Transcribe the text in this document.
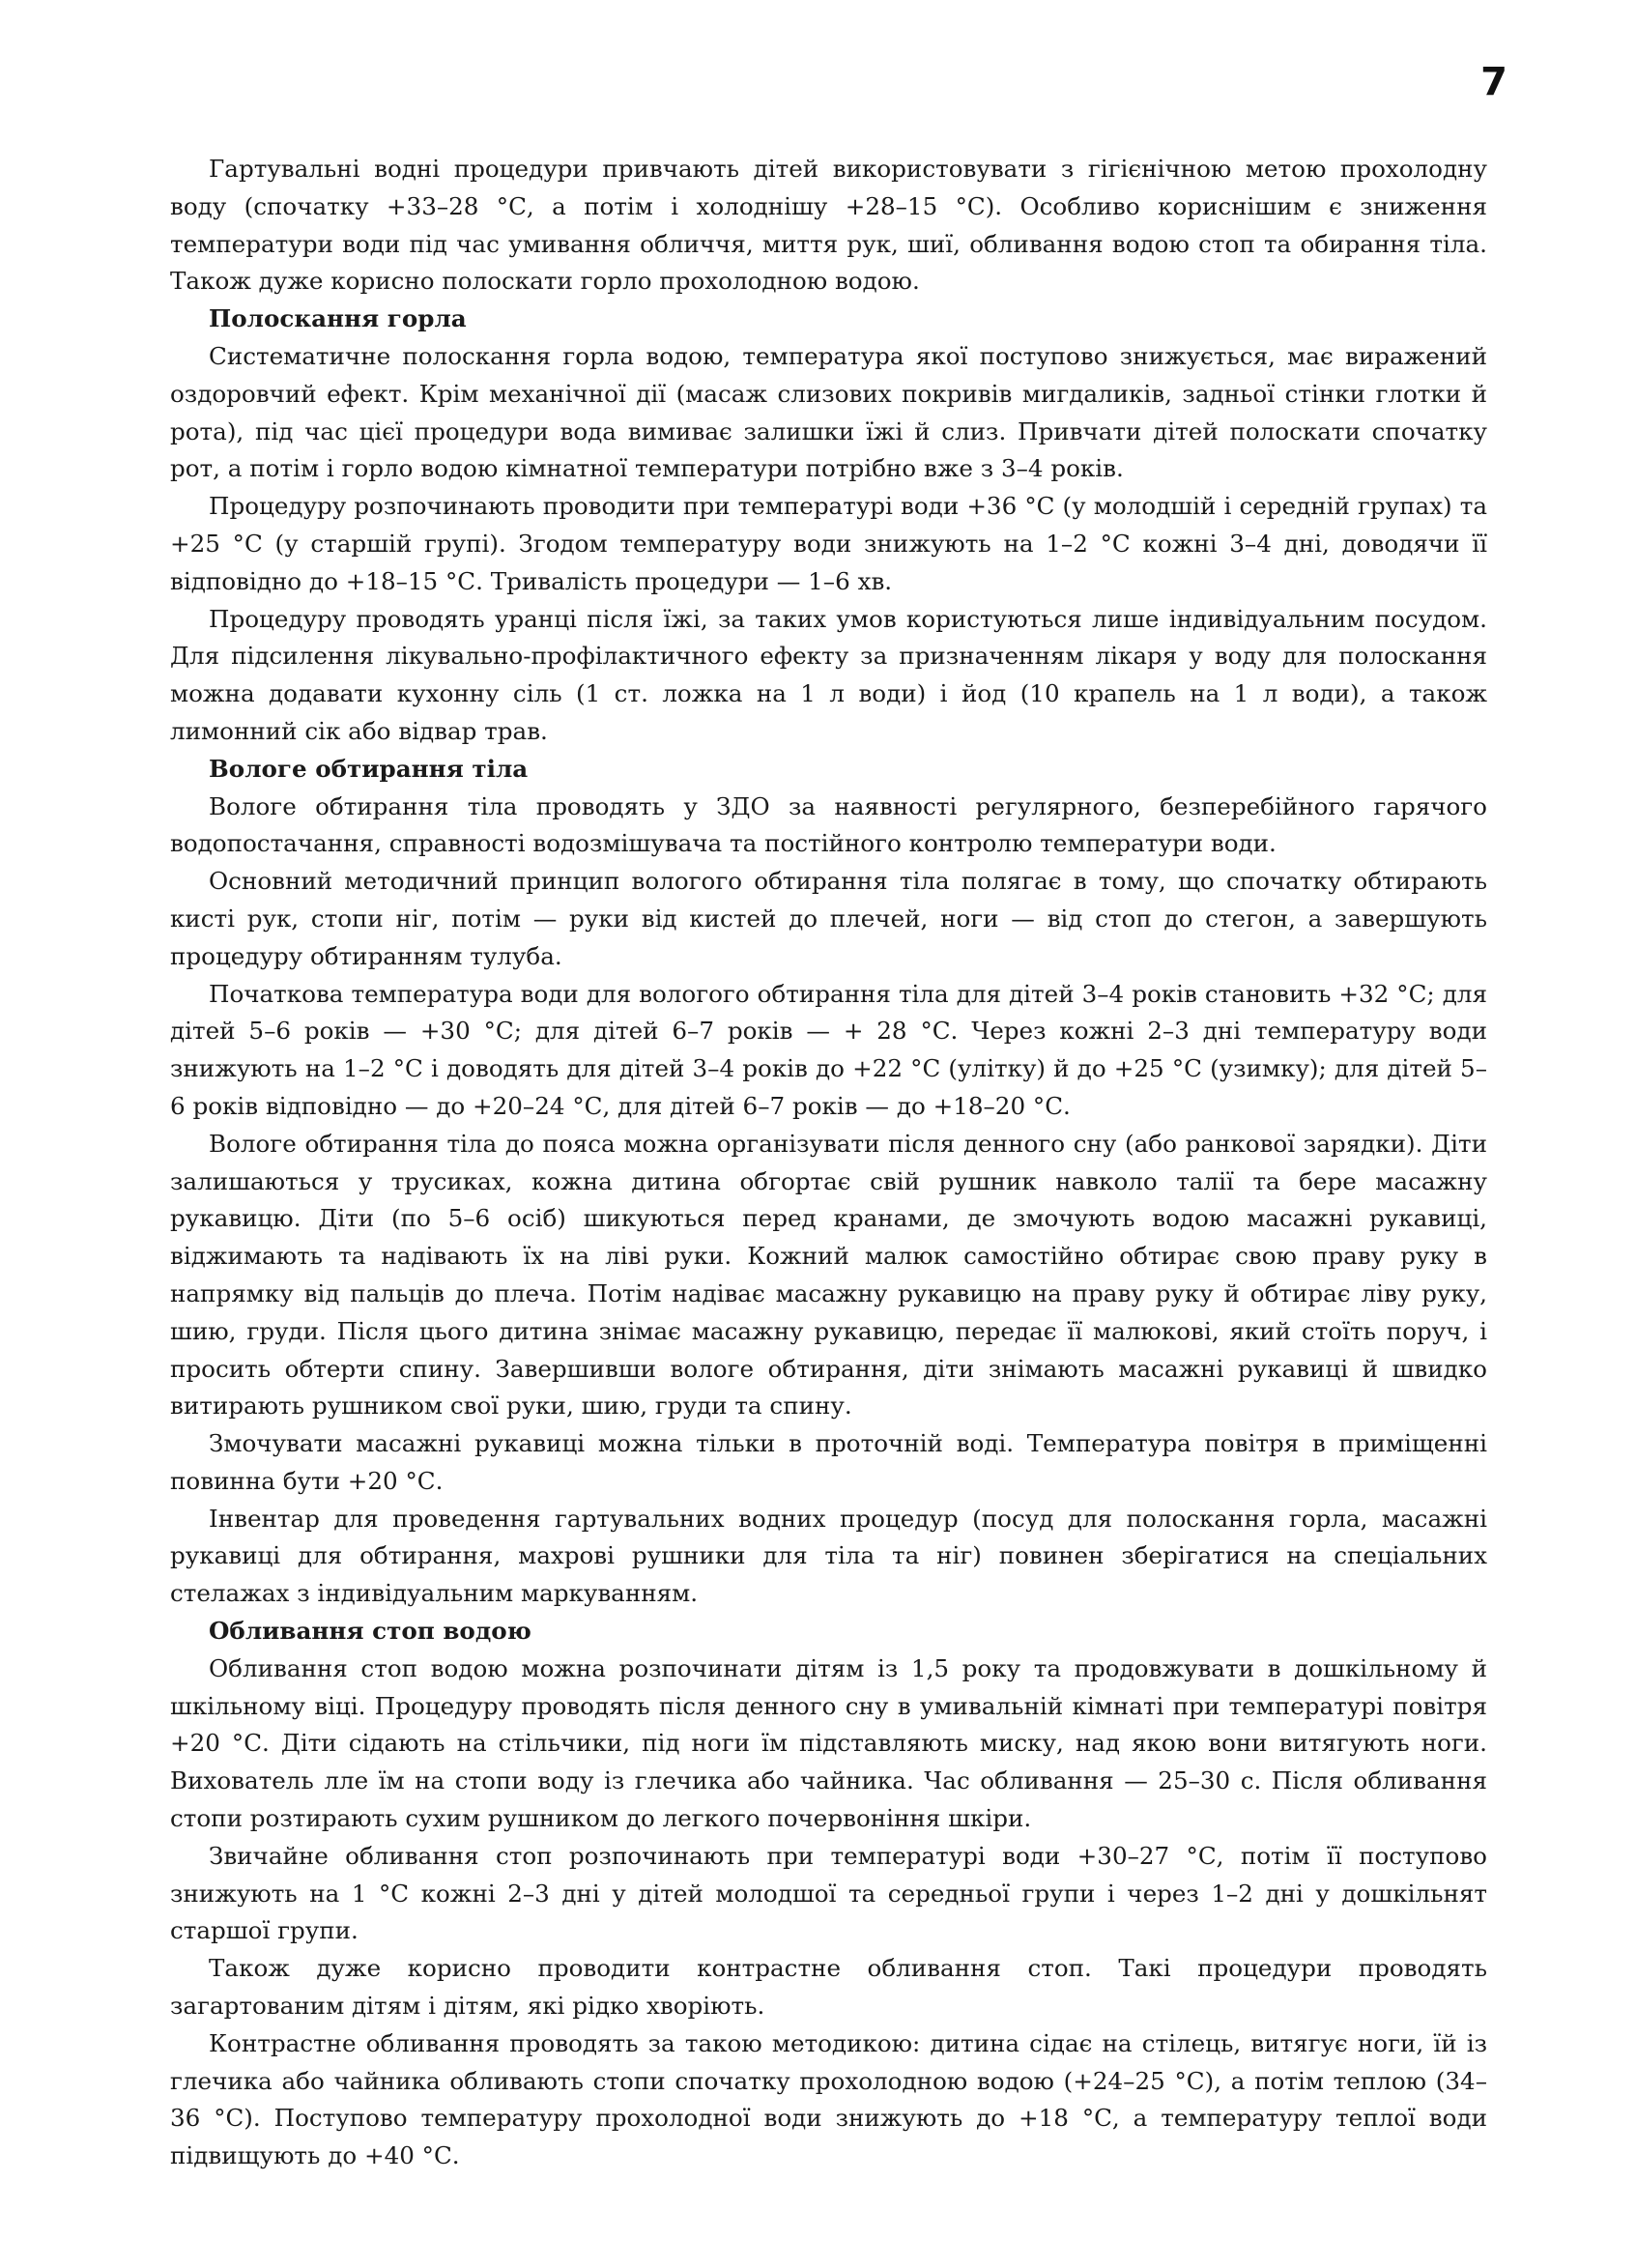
7

Гартувальні водні процедури привчають дітей використовувати з гігієнічною метою прохолодну воду (спочатку +33–28 °С, а потім і холоднішу +28–15 °С). Особливо кориснішим є зниження температури води під час умивання обличчя, миття рук, шиї, обливання водою стоп та обирання тіла. Також дуже корисно полоскати горло прохолодною водою.

Полоскання горла

Систематичне полоскання горла водою, температура якої поступово знижується, має виражений оздоровчий ефект. Крім механічної дії (масаж слизових покривів мигдаликів, задньої стінки глотки й рота), під час цієї процедури вода вимиває залишки їжі й слиз. Привчати дітей полоскати спочатку рот, а потім і горло водою кімнатної температури потрібно вже з 3–4 років.

Процедуру розпочинають проводити при температурі води +36 °С (у молодшій і середній групах) та +25 °С (у старшій групі). Згодом температуру води знижують на 1–2 °С кожні 3–4 дні, доводячи її відповідно до +18–15 °С. Тривалість процедури — 1–6 хв.

Процедуру проводять уранці після їжі, за таких умов користуються лише індивідуальним посудом. Для підсилення лікувально-профілактичного ефекту за призначенням лікаря у воду для полоскання можна додавати кухонну сіль (1 ст. ложка на 1 л води) і йод (10 крапель на 1 л води), а також лимонний сік або відвар трав.

Вологе обтирання тіла

Вологе обтирання тіла проводять у ЗДО за наявності регулярного, безперебійного гарячого водопостачання, справності водозмішувача та постійного контролю температури води.

Основний методичний принцип вологого обтирання тіла полягає в тому, що спочатку обтирають кисті рук, стопи ніг, потім — руки від кистей до плечей, ноги — від стоп до стегон, а завершують процедуру обтиранням тулуба.

Початкова температура води для вологого обтирання тіла для дітей 3–4 років становить +32 °С; для дітей 5–6 років — +30 °С; для дітей 6–7 років — + 28 °С. Через кожні 2–3 дні температуру води знижують на 1–2 °С і доводять для дітей 3–4 років до +22 °С (улітку) й до +25 °С (узимку); для дітей 5–6 років відповідно — до +20–24 °С, для дітей 6–7 років — до +18–20 °С.

Вологе обтирання тіла до пояса можна організувати після денного сну (або ранкової зарядки). Діти залишаються у трусиках, кожна дитина обгортає свій рушник навколо талії та бере масажну рукавицю. Діти (по 5–6 осіб) шикуються перед кранами, де змочують водою масажні рукавиці, віджимають та надівають їх на ліві руки. Кожний малюк самостійно обтирає свою праву руку в напрямку від пальців до плеча. Потім надіває масажну рукавицю на праву руку й обтирає ліву руку, шию, груди. Після цього дитина знімає масажну рукавицю, передає її малюкові, який стоїть поруч, і просить обтерти спину. Завершивши вологе обтирання, діти знімають масажні рукавиці й швидко витирають рушником свої руки, шию, груди та спину.

Змочувати масажні рукавиці можна тільки в проточній воді. Температура повітря в приміщенні повинна бути +20 °С.

Інвентар для проведення гартувальних водних процедур (посуд для полоскання горла, масажні рукавиці для обтирання, махрові рушники для тіла та ніг) повинен зберігатися на спеціальних стелажах з індивідуальним маркуванням.

Обливання стоп водою

Обливання стоп водою можна розпочинати дітям із 1,5 року та продовжувати в дошкільному й шкільному віці. Процедуру проводять після денного сну в умивальній кімнаті при температурі повітря +20 °С. Діти сідають на стільчики, під ноги їм підставляють миску, над якою вони витягують ноги. Вихователь лле їм на стопи воду із глечика або чайника. Час обливання — 25–30 с. Після обливання стопи розтирають сухим рушником до легкого почервоніння шкіри.

Звичайне обливання стоп розпочинають при температурі води +30–27 °С, потім її поступово знижують на 1 °С кожні 2–3 дні у дітей молодшої та середньої групи і через 1–2 дні у дошкільнят старшої групи.

Також дуже корисно проводити контрастне обливання стоп. Такі процедури проводять загартованим дітям і дітям, які рідко хворіють.

Контрастне обливання проводять за такою методикою: дитина сідає на стілець, витягує ноги, їй із глечика або чайника обливають стопи спочатку прохолодною водою (+24–25 °С), а потім теплою (34–36 °С). Поступово температуру прохолодної води знижують до +18 °С, а температуру теплої води підвищують до +40 °С.
